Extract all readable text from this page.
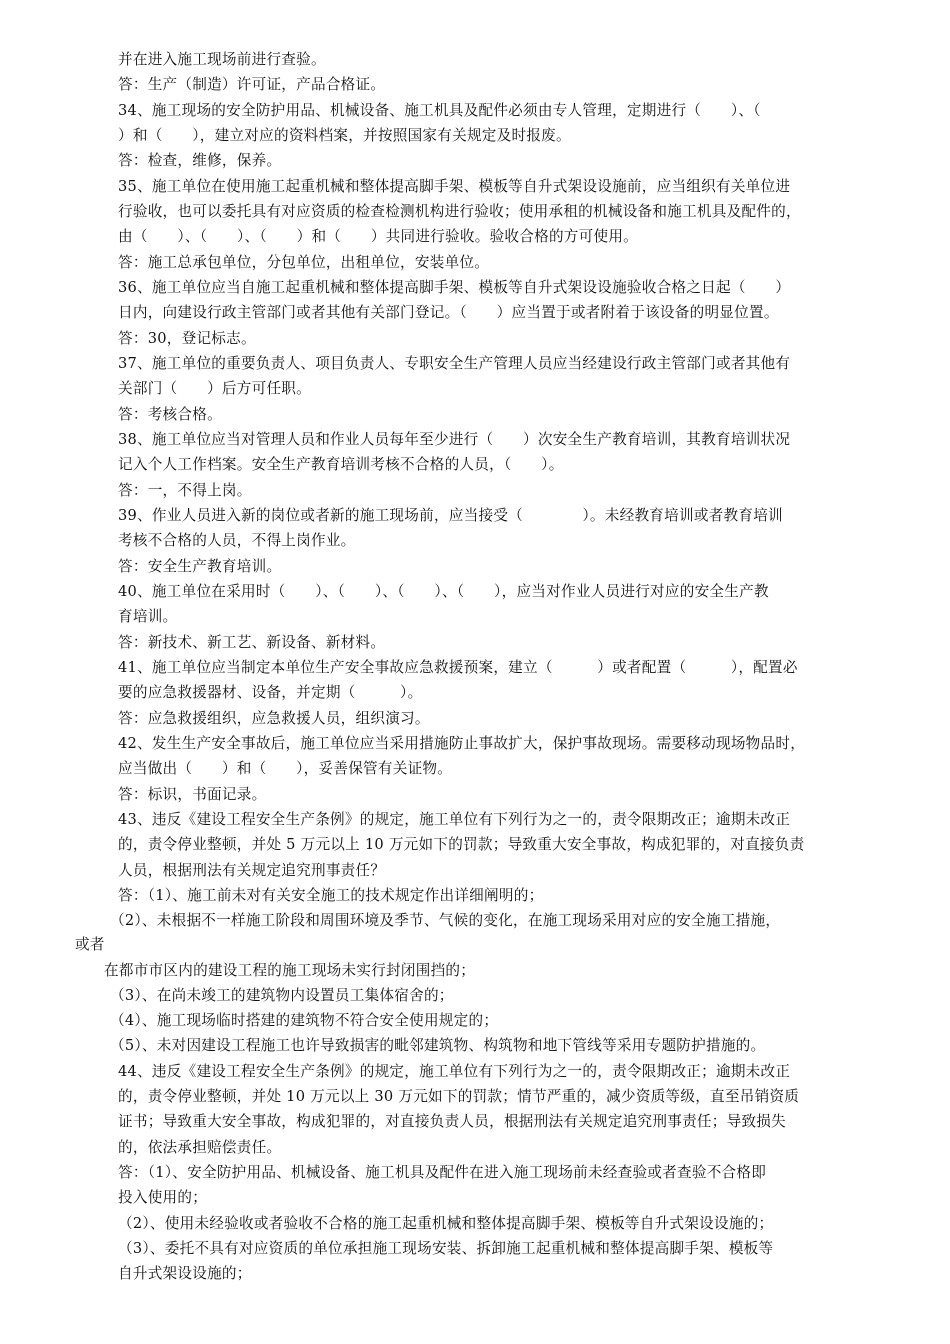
并在进入施工现场前进行查验。
答：生产（制造）许可证，产品合格证。
34、施工现场的安全防护用品、机械设备、施工机具及配件必须由专人管理，定期进行（　　）、（
）和（　　），建立对应的资料档案，并按照国家有关规定及时报废。
答：检查，维修，保养。
35、施工单位在使用施工起重机械和整体提高脚手架、模板等自升式架设设施前，应当组织有关单位进
行验收，也可以委托具有对应资质的检查检测机构进行验收；使用承租的机械设备和施工机具及配件的，
由（　　）、（　　）、（　　）和（　　）共同进行验收。验收合格的方可使用。
答：施工总承包单位，分包单位，出租单位，安装单位。
36、施工单位应当自施工起重机械和整体提高脚手架、模板等自升式架设设施验收合格之日起（　　）
日内，向建设行政主管部门或者其他有关部门登记。（　　）应当置于或者附着于该设备的明显位置。
答：30，登记标志。
37、施工单位的重要负责人、项目负责人、专职安全生产管理人员应当经建设行政主管部门或者其他有
关部门（　　）后方可任职。
答：考核合格。
38、施工单位应当对管理人员和作业人员每年至少进行（　　）次安全生产教育培训，其教育培训状况
记入个人工作档案。安全生产教育培训考核不合格的人员，（　　）。
答：一，不得上岗。
39、作业人员进入新的岗位或者新的施工现场前，应当接受（　　　　）。未经教育培训或者教育培训
考核不合格的人员，不得上岗作业。
答：安全生产教育培训。
40、施工单位在采用时（　　）、（　　）、（　　）、（　　），应当对作业人员进行对应的安全生产教
育培训。
答：新技术、新工艺、新设备、新材料。
41、施工单位应当制定本单位生产安全事故应急救援预案，建立（　　　）或者配置（　　　），配置必
要的应急救援器材、设备，并定期（　　　）。
答：应急救援组织，应急救援人员，组织演习。
42、发生生产安全事故后，施工单位应当采用措施防止事故扩大，保护事故现场。需要移动现场物品时，
应当做出（　　）和（　　），妥善保管有关证物。
答：标识，书面记录。
43、违反《建设工程安全生产条例》的规定，施工单位有下列行为之一的，责令限期改正；逾期未改正
的，责令停业整顿，并处 5 万元以上 10 万元如下的罚款；导致重大安全事故，构成犯罪的，对直接负责
人员，根据刑法有关规定追究刑事责任？
答：（1）、施工前未对有关安全施工的技术规定作出详细阐明的；
（2）、未根据不一样施工阶段和周围环境及季节、气候的变化，在施工现场采用对应的安全施工措施，
或者
在都市市区内的建设工程的施工现场未实行封闭围挡的；
（3）、在尚未竣工的建筑物内设置员工集体宿舍的；
（4）、施工现场临时搭建的建筑物不符合安全使用规定的；
（5）、未对因建设工程施工也许导致损害的毗邻建筑物、构筑物和地下管线等采用专题防护措施的。
44、违反《建设工程安全生产条例》的规定，施工单位有下列行为之一的，责令限期改正；逾期未改正
的，责令停业整顿，并处 10 万元以上 30 万元如下的罚款；情节严重的，减少资质等级，直至吊销资质
证书；导致重大安全事故，构成犯罪的，对直接负责人员，根据刑法有关规定追究刑事责任；导致损失
的，依法承担赔偿责任。
答：（1）、安全防护用品、机械设备、施工机具及配件在进入施工现场前未经查验或者查验不合格即
投入使用的；
（2）、使用未经验收或者验收不合格的施工起重机械和整体提高脚手架、模板等自升式架设设施的；
（3）、委托不具有对应资质的单位承担施工现场安装、拆卸施工起重机械和整体提高脚手架、模板等
自升式架设设施的；
